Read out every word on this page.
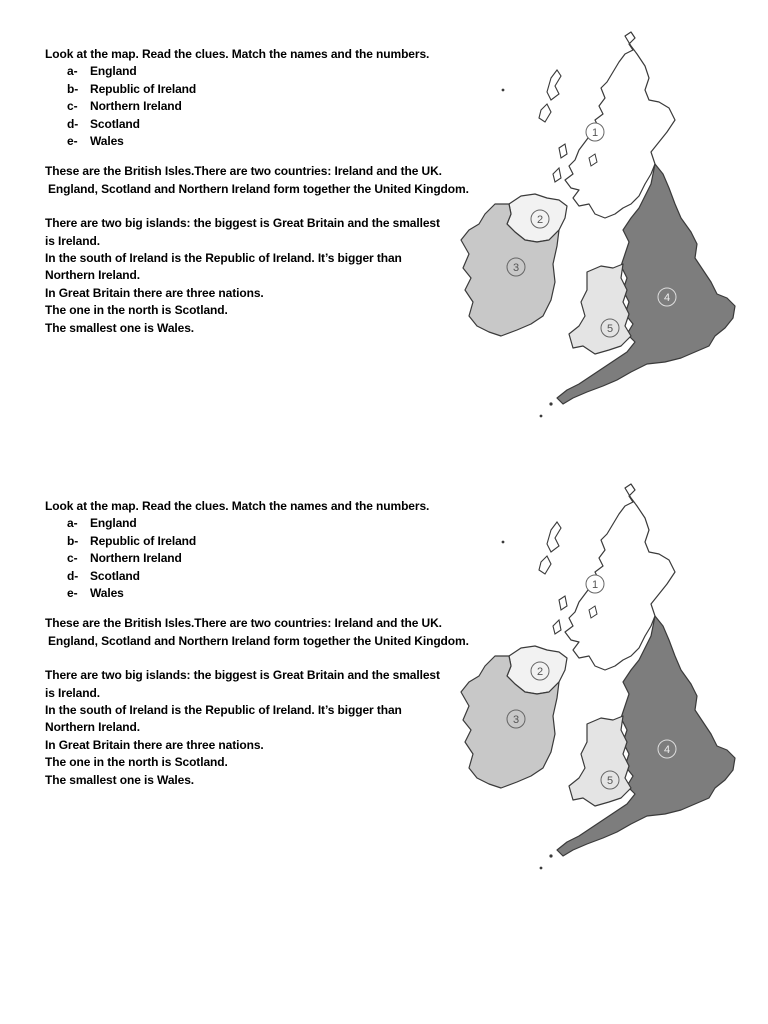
Look at the map. Read the clues. Match the names and the numbers.

a-	England
b- Republic of Ireland
c-	Northern Ireland
d- Scotland
e-	Wales

These are the British Isles.There are two countries: Ireland and the UK.

England, Scotland and Northern Ireland form together the United Kingdom.

There are two big islands: the biggest is Great Britain and the smallest

is Ireland.

In the south of Ireland is the Republic of Ireland. It’s bigger than

Northern Ireland.

In Great Britain there are three nations.

The one in the north is Scotland.

The smallest one is Wales.

1
2
3
4
5

Look at the map. Read the clues. Match the names and the numbers.

a-	England
b- Republic of Ireland
c-	Northern Ireland
d- Scotland
e-	Wales

These are the British Isles.There are two countries: Ireland and the UK.

England, Scotland and Northern Ireland form together the United Kingdom.

There are two big islands: the biggest is Great Britain and the smallest

is Ireland.

In the south of Ireland is the Republic of Ireland. It’s bigger than

Northern Ireland.

In Great Britain there are three nations.

The one in the north is Scotland.

The smallest one is Wales.

1
2
3
4
5
